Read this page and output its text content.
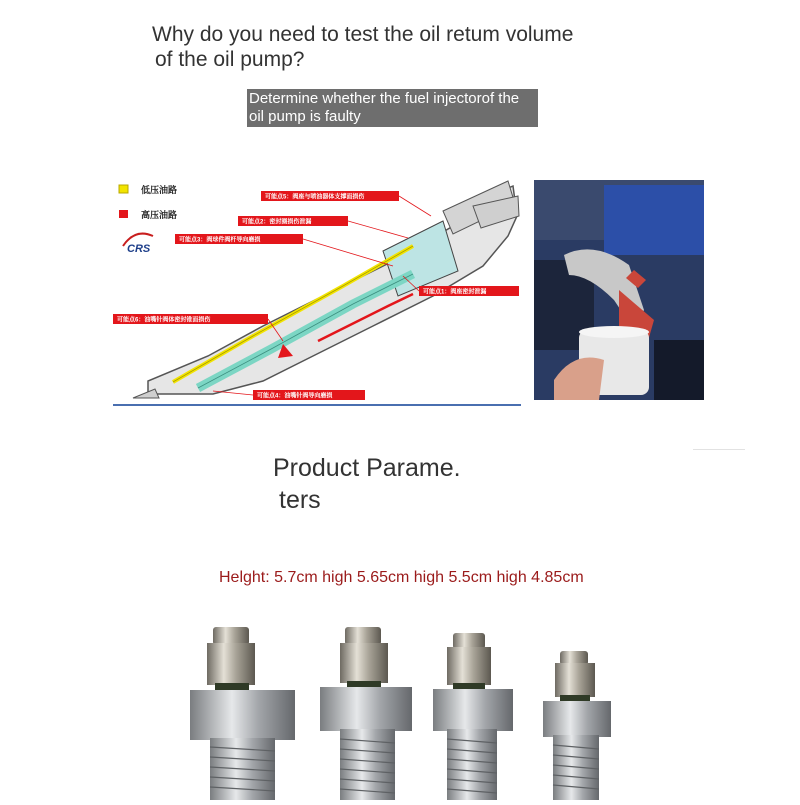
Why do you need to test the oil retum volume
of the oil pump?
Determine whether the fuel injectorof the
oil pump is faulty
低压油路
高压油路
CRS
可能点5：阀座与喷油器体支撑面损伤
可能点2：密封圈损伤泄漏
可能点3：阀球件阀杆导向磨损
可能点1：阀座密封泄漏
可能点6：油嘴针阀体密封锥面损伤
可能点4：油嘴针阀导向磨损
Product Parame.
ters
Helght: 5.7cm high 5.65cm high 5.5cm high 4.85cm
